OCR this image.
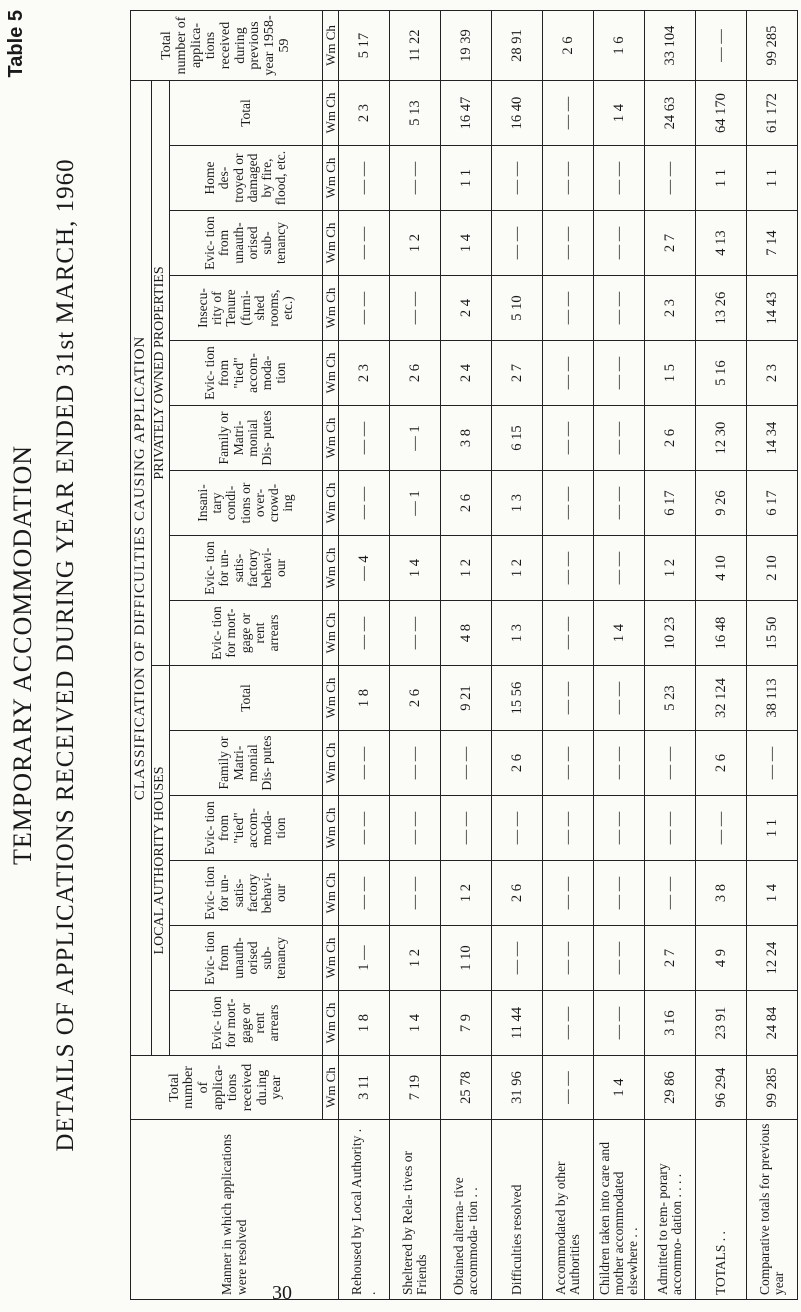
TEMPORARY ACCOMMODATION DETAILS OF APPLICATIONS RECEIVED DURING YEAR ENDED 31st MARCH, 1960
Table 5
Manner in which applications were resolved	Total number of applica- tions received du.ing year	CLASSIFICATION OF DIFFICULTIES CAUSING APPLICATION															Total number of applica- tions received during previous year 1958-59
		LOCAL AUTHORITY HOUSES						PRIVATELY OWNED PROPERTIES									
		Evic- tion for mort- gage or rent arrears	Evic- tion from unauth- orised sub- tenancy	Evic- tion for un- satis- factory behavi- our	Evic- tion from "tied" accom- moda- tion	Family or Matri- monial Dis- putes	Total	Evic- tion for mort- gage or rent arrears	Evic- tion for un- satis- factory behavi- our	Insani- tary condi- tions or over- crowd- ing	Family or Matri- monial Dis- putes	Evic- tion from "tied" accom- moda- tion	Insecu- rity of Tenure (furni- shed rooms, etc.)	Evic- tion from unauth- orised sub- tenancy	Home des- troyed or damaged by fire, flood, etc.	Total	
	Wm Ch	Wm Ch	Wm Ch	Wm Ch	Wm Ch	Wm Ch	Wm Ch	Wm Ch	Wm Ch	Wm Ch	Wm Ch	Wm Ch	Wm Ch	Wm Ch	Wm Ch	Wm Ch	Wm Ch
Rehoused by Local Authority . .	3 11	1 8	1 —	— —	— —	— —	1 8	— —	— 4	— —	— —	2 3	— —	— —	— —	2 3	5 17
Sheltered by Rela- tives or Friends	7 19	1 4	1 2	— —	— —	— —	2 6	— —	1 4	— 1	— 1	2 6	— —	1 2	— —	5 13	11 22
Obtained alterna- tive accommoda- tion . .	25 78	7 9	1 10	1 2	— —	— —	9 21	4 8	1 2	2 6	3 8	2 4	2 4	1 4	1 1	16 47	19 39
Difficulties resolved	31 96	11 44	— —	2 6	— —	2 6	15 56	1 3	1 2	1 3	6 15	2 7	5 10	— —	— —	16 40	28 91
Accommodated by other Authorities	— —	— —	— —	— —	— —	— —	— —	— —	— —	— —	— —	— —	— —	— —	— —	— —	2 6
Children taken into care and mother accommodated elsewhere . .	1 4	— —	— —	— —	— —	— —	— —	1 4	— —	— —	— —	— —	— —	— —	— —	1 4	1 6
Admitted to tem- porary accommo- dation . . . .	29 86	3 16	2 7	— —	— —	— —	5 23	10 23	1 2	6 17	2 6	1 5	2 3	2 7	— —	24 63	33 104
TOTALS . .	96 294	23 91	4 9	3 8	— —	2 6	32 124	16 48	4 10	9 26	12 30	5 16	13 26	4 13	1 1	64 170	— —
Comparative totals for previous year	99 285	24 84	12 24	1 4	1 1	— —	38 113	15 50	2 10	6 17	14 34	2 3	14 43	7 14	1 1	61 172	99 285
30
